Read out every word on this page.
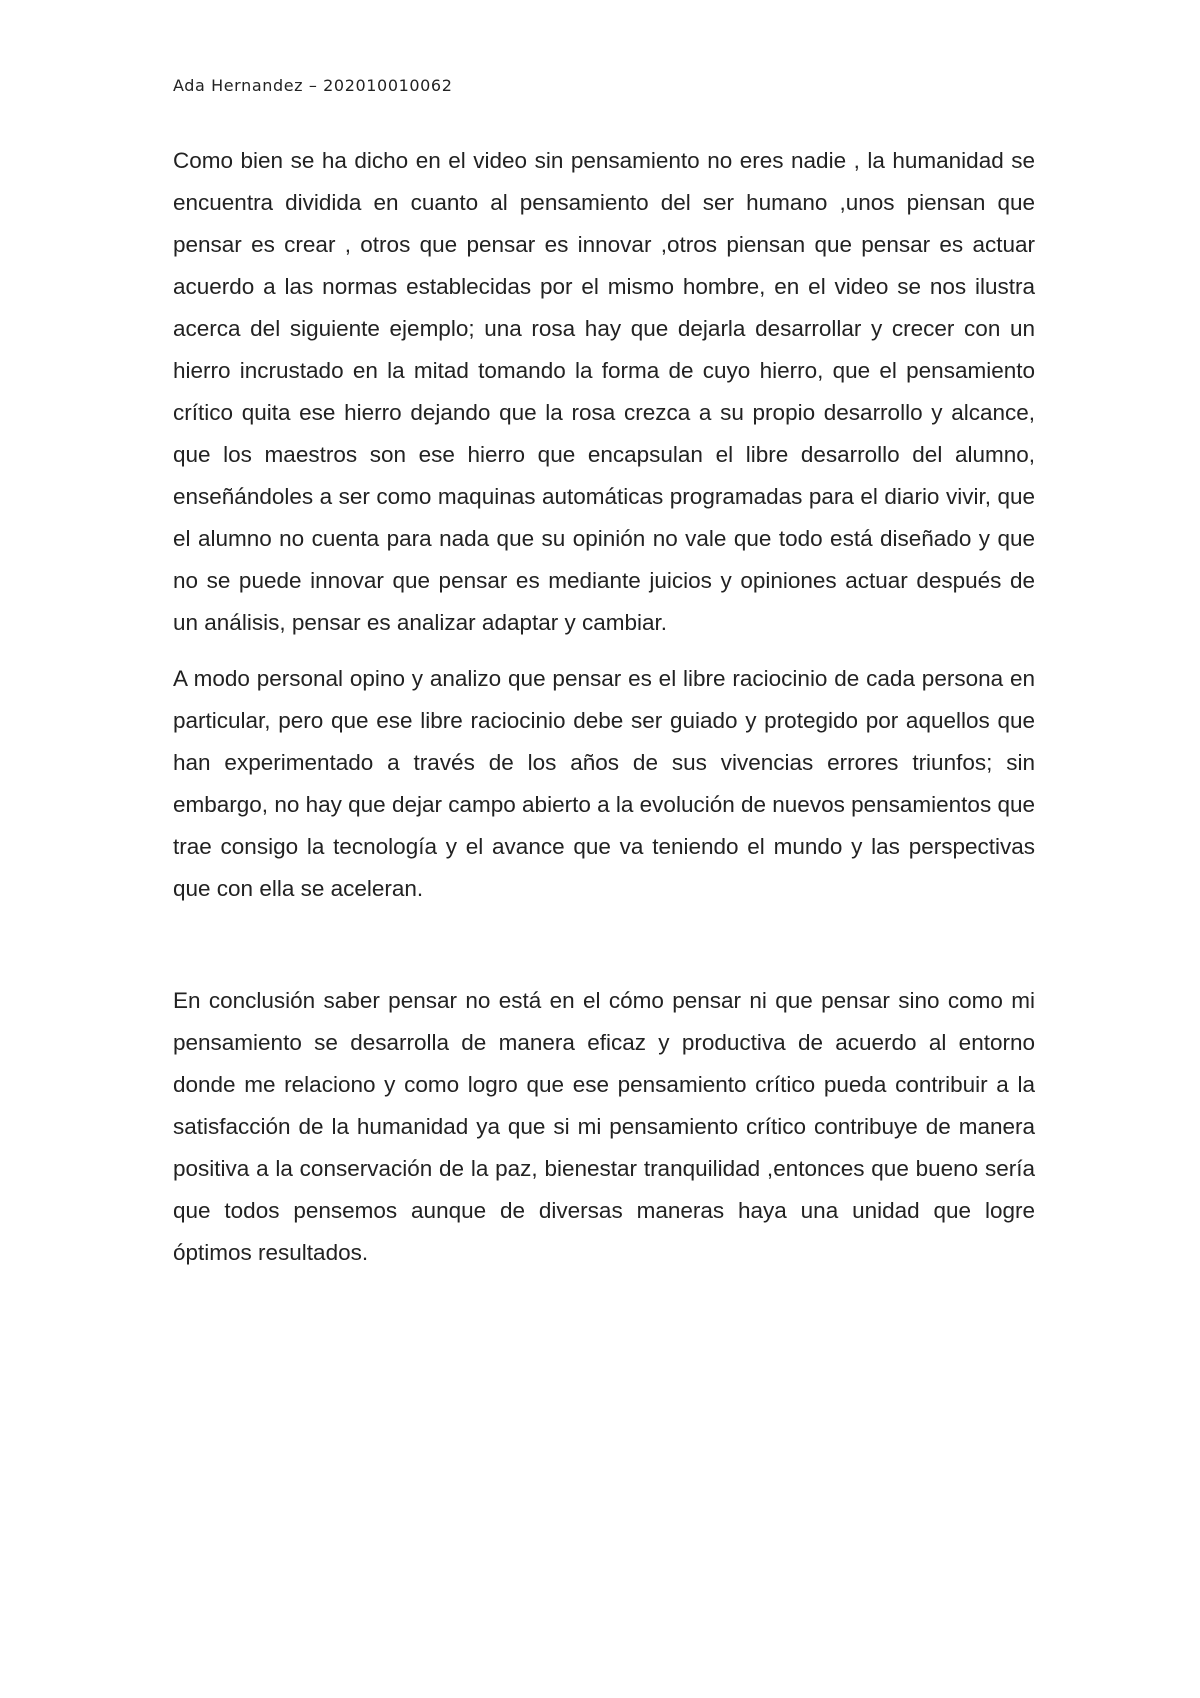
Ada Hernandez – 202010010062

Como bien se ha dicho en el video sin pensamiento no eres nadie , la humanidad se encuentra dividida en cuanto al pensamiento del ser humano ,unos piensan que pensar es crear , otros que pensar es innovar ,otros piensan que pensar es actuar acuerdo a las normas establecidas por el mismo hombre, en el video se nos ilustra acerca del siguiente ejemplo; una rosa hay que dejarla desarrollar y crecer con un hierro incrustado en la mitad tomando la forma de cuyo hierro, que el pensamiento crítico quita ese hierro dejando que la rosa crezca a su propio desarrollo y alcance, que los maestros son ese hierro que encapsulan el libre desarrollo del alumno, enseñándoles a ser como maquinas automáticas programadas para el diario vivir, que el alumno no cuenta para nada que su opinión no vale que todo está diseñado y que no se puede innovar que pensar es mediante juicios y opiniones actuar después de un análisis, pensar es analizar adaptar y cambiar.

A modo personal opino y analizo que pensar es el libre raciocinio de cada persona en particular, pero que ese libre raciocinio debe ser guiado y protegido por aquellos que han experimentado a través de los años de sus vivencias errores triunfos; sin embargo, no hay que dejar campo abierto a la evolución de nuevos pensamientos que trae consigo la tecnología y el avance que va teniendo el mundo y las perspectivas que con ella se aceleran.

En conclusión saber pensar no está en el cómo pensar ni que pensar sino como mi pensamiento se desarrolla de manera eficaz y productiva de acuerdo al entorno donde me relaciono y como logro que ese pensamiento crítico pueda contribuir a la satisfacción de la humanidad ya que si mi pensamiento crítico contribuye de manera positiva a la conservación de la paz, bienestar tranquilidad ,entonces que bueno sería que todos pensemos aunque de diversas maneras haya una unidad que logre óptimos resultados.
